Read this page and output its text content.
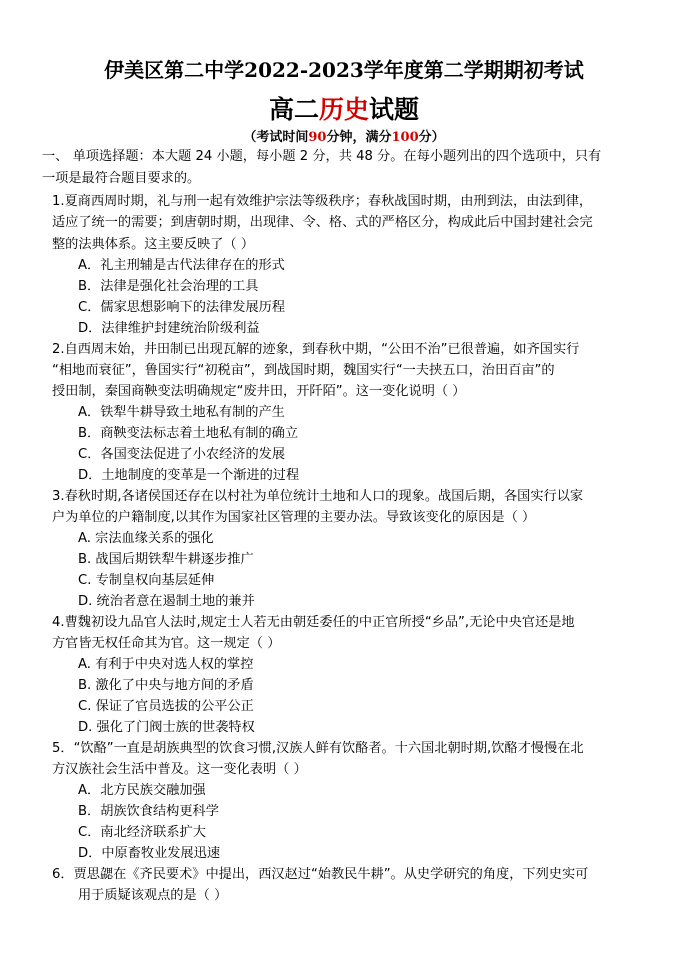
伊美区第二中学2022-2023学年度第二学期期初考试
高二历史试题
（考试时间90分钟，满分100分）
一、 单项选择题：本大题 24 小题，每小题 2 分，共 48 分。在每小题列出的四个选项中，只有
一项是最符合题目要求的。
1.夏商西周时期，礼与刑一起有效维护宗法等级秩序；春秋战国时期，由刑到法，由法到律，
适应了统一的需要；到唐朝时期，出现律、令、格、式的严格区分，构成此后中国封建社会完
整的法典体系。这主要反映了（ ）
A．礼主刑辅是古代法律存在的形式
B．法律是强化社会治理的工具
C．儒家思想影响下的法律发展历程
D．法律维护封建统治阶级利益
2.自西周末始，井田制已出现瓦解的迹象，到春秋中期，“公田不治”已很普遍，如齐国实行
“相地而衰征”，鲁国实行“初税亩”，到战国时期，魏国实行“一夫挟五口，治田百亩”的
授田制，秦国商鞅变法明确规定“废井田，开阡陌”。这一变化说明（ ）
A．铁犁牛耕导致土地私有制的产生
B．商鞅变法标志着土地私有制的确立
C．各国变法促进了小农经济的发展
D．土地制度的变革是一个渐进的过程
3.春秋时期,各诸侯国还存在以村社为单位统计土地和人口的现象。战国后期，各国实行以家
户为单位的户籍制度,以其作为国家社区管理的主要办法。导致该变化的原因是（ ）
A. 宗法血缘关系的强化
B. 战国后期铁犁牛耕逐步推广
C. 专制皇权向基层延伸
D. 统治者意在遏制土地的兼并
4.曹魏初设九品官人法时,规定士人若无由朝廷委任的中正官所授“乡品”,无论中央官还是地
方官皆无权任命其为官。这一规定（ ）
A. 有利于中央对选人权的掌控
B. 激化了中央与地方间的矛盾
C. 保证了官员选拔的公平公正
D. 强化了门阀士族的世袭特权
5．“饮酪”一直是胡族典型的饮食习惯,汉族人鲜有饮酪者。十六国北朝时期,饮酪才慢慢在北
方汉族社会生活中普及。这一变化表明（ ）
A．北方民族交融加强
B．胡族饮食结构更科学
C．南北经济联系扩大
D．中原畜牧业发展迅速
6．贾思勰在《齐民要术》中提出，西汉赵过“始教民牛耕”。从史学研究的角度，下列史实可
用于质疑该观点的是（ ）
